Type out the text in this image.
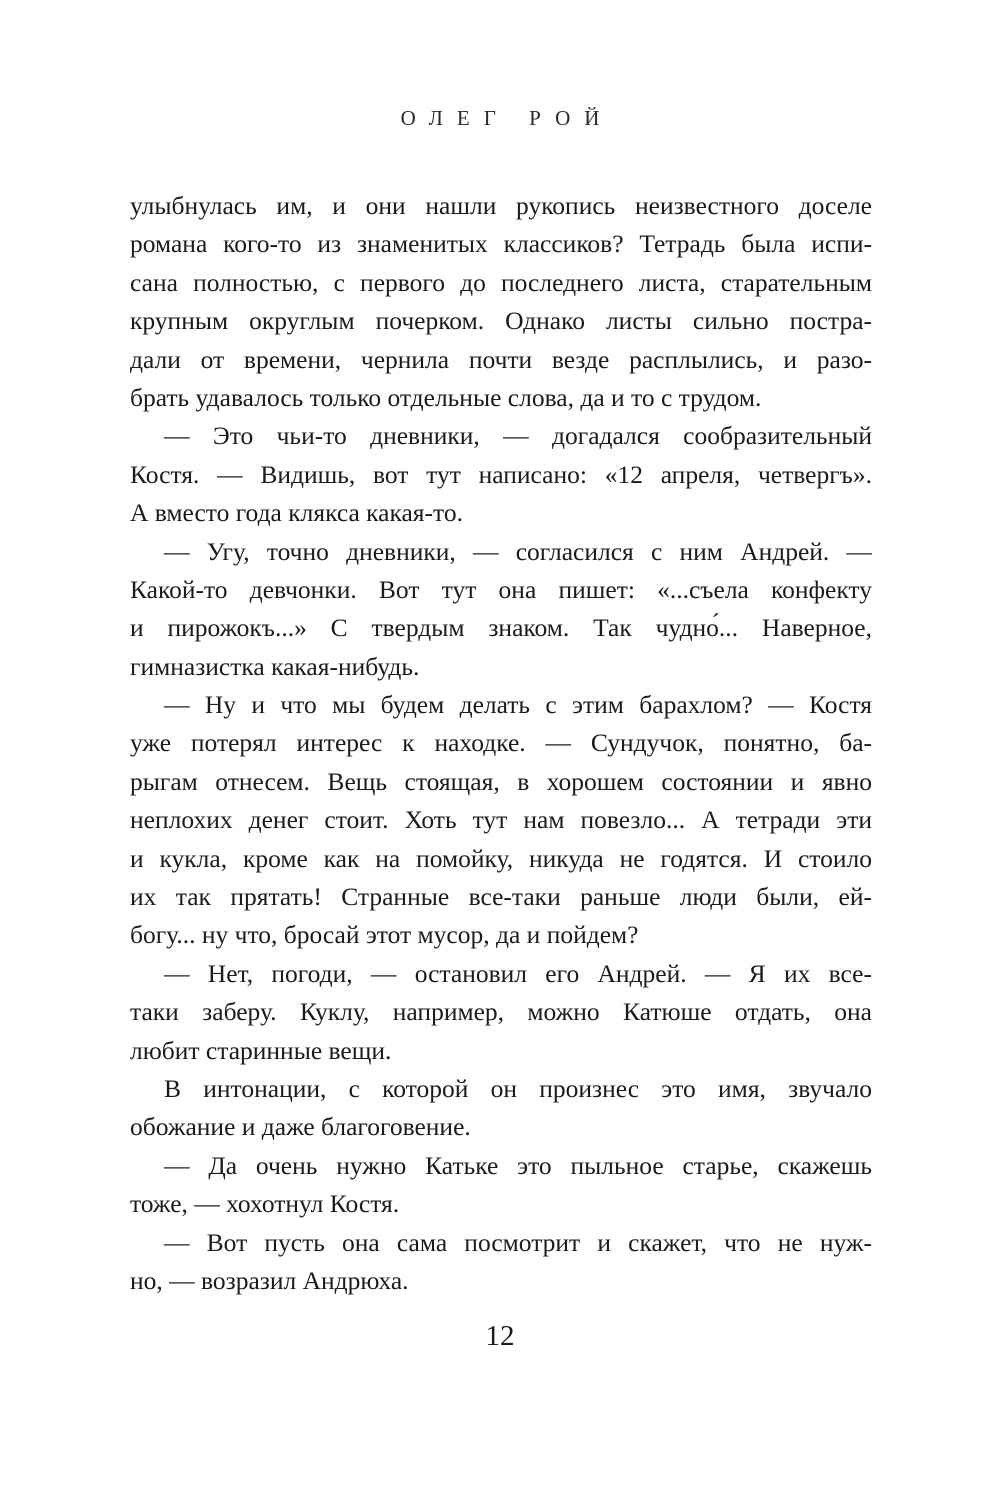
ОЛЕГ РОЙ
улыбнулась им, и они нашли рукопись неизвестного доселе
романа кого-то из знаменитых классиков? Тетрадь была испи-
сана полностью, с первого до последнего листа, старательным
крупным округлым почерком. Однако листы сильно постра-
дали от времени, чернила почти везде расплылись, и разо-
брать удавалось только отдельные слова, да и то с трудом.
— Это чьи-то дневники, — догадался сообразительный
Костя. — Видишь, вот тут написано: «12 апреля, четвергъ».
А вместо года клякса какая-то.
— Угу, точно дневники, — согласился с ним Андрей. —
Какой-то девчонки. Вот тут она пишет: «...съела конфекту
и пирожокъ...» С твердым знаком. Так чудно́... Наверное,
гимназистка какая-нибудь.
— Ну и что мы будем делать с этим барахлом? — Костя
уже потерял интерес к находке. — Сундучок, понятно, ба-
рыгам отнесем. Вещь стоящая, в хорошем состоянии и явно
неплохих денег стоит. Хоть тут нам повезло... А тетради эти
и кукла, кроме как на помойку, никуда не годятся. И стоило
их так прятать! Странные все-таки раньше люди были, ей-
богу... ну что, бросай этот мусор, да и пойдем?
— Нет, погоди, — остановил его Андрей. — Я их все-
таки заберу. Куклу, например, можно Катюше отдать, она
любит старинные вещи.
В интонации, с которой он произнес это имя, звучало
обожание и даже благоговение.
— Да очень нужно Катьке это пыльное старье, скажешь
тоже, — хохотнул Костя.
— Вот пусть она сама посмотрит и скажет, что не нуж-
но, — возразил Андрюха.
12
